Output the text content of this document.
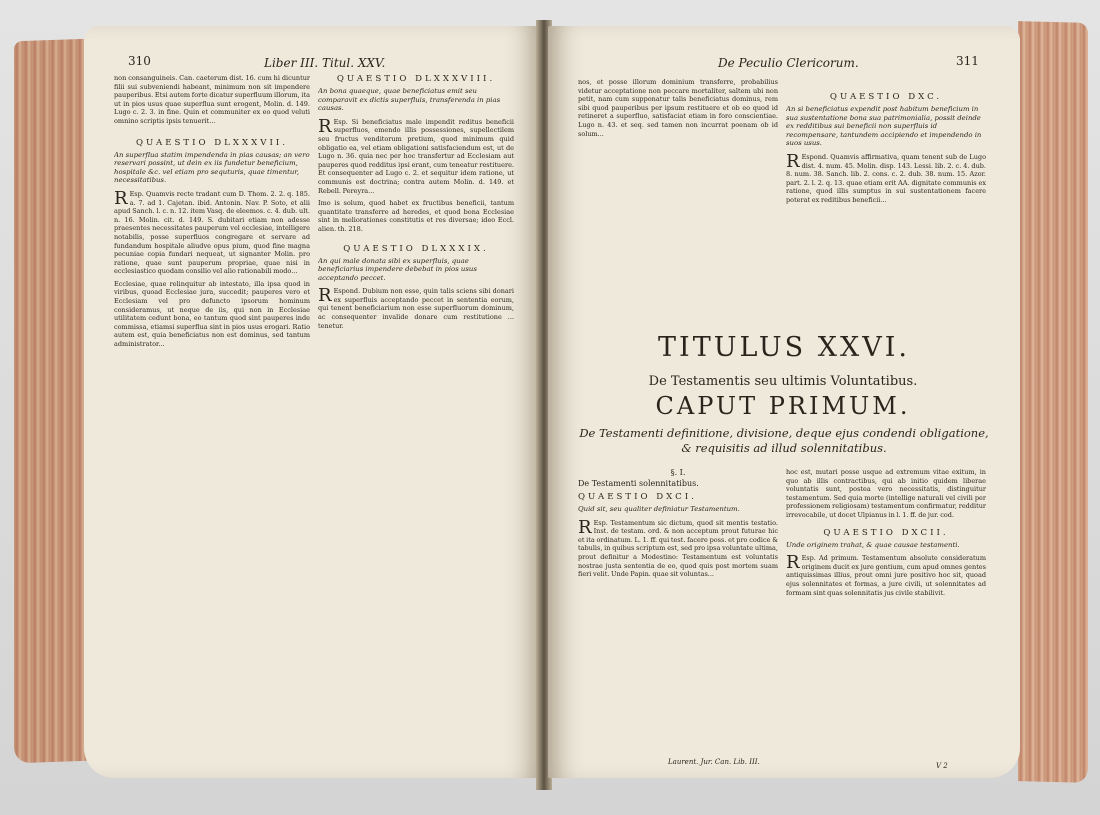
310	Liber III. Titul. XXV.

non consanguineis. Can. caeterum dist. 16. cum hi dicuntur filii sui subveniendi habeant, minimum non sit impendere pauperibus. Etsi autem forte dicatur superfluum illorum, ita ut in pios usus quae superflua sunt erogent, Molin. d. 149. Lugo c. 2. 3. in fine. Quin et communiter ex eo quod veluti omnino scriptis ipsis tenuerit...

QUAESTIO DLXXXVII.

An superflua statim impendenda in pias causas; an vero reservari possint, ut dein ex iis fundetur beneficium, hospitale &c. vel etiam pro sequturis, quae timentur, necessitatibus.

R Esp. Quamvis recte tradant cum D. Thom. 2. 2. q. 185. a. 7. ad 1. Cajetan. ibid. Antonin. Nav. P. Soto, et alii apud Sanch. l. c. n. 12. item Vasq. de eleemos. c. 4. dub. ult. n. 16. Molin. cit. d. 149. S. dubitari etiam non adesse praesentes necessitates pauperum vel ecclesiae, intelligere notabilis, posse superfluos congregare et servare ad fundandum hospitale aliudve opus pium, quod fine magna pecuniae copia fundari nequeat, ut signanter Molin. pro ratione, quae sunt pauperum propriae, quae nisi in ecclesiastico quodam consilio vel alio rationabili modo...

Ecclesiae, quae relinquitur ab intestato, illa ipsa quod in viribus, quoad Ecclesiae jura, succedit; pauperes vero et Ecclesiam vel pro defuncto ipsorum hominum consideramus, ut neque de iis, qui non in Ecclesiae utilitatem cedunt bona, eo tantum quod sint pauperes inde commissa, etiamsi superflua sint in pios usus erogari. Ratio autem est, quia beneficiatus non est dominus, sed tantum administrator...

QUAESTIO DLXXXVIII.

An bona quaeque, quae beneficiatus emit seu comparavit ex dictis superfluis, transferenda in pias causas.

R Esp. Si beneficiatus male impendit reditus beneficii superfluos, emendo illis possessiones, supellectilem seu fructus venditorum pretium, quod minimum quid obligatio ea, vel etiam obligationi satisfaciendum est, ut de Lugo n. 36. quia nec per hoc transfertur ad Ecclesiam aut pauperes quod redditus ipsi erant, cum teneatur restituere. Et consequenter ad Lugo c. 2. et sequitur idem ratione, ut communis est doctrina; contra autem Molin. d. 149. et Rebell. Pereyra...

Imo is solum, quod habet ex fructibus beneficii, tantum quantitate transferre ad heredes, et quod bona Ecclesiae sint in meliorationes constitutis et res diversae; ideo Eccl. alien. th. 218.

QUAESTIO DLXXXIX.

An qui male donata sibi ex superfluis, quae beneficiarius impendere debebat in pios usus acceptando peccet.

R Espond. Dubium non esse, quin talis sciens sibi donari ex superfluis acceptando peccet in sententia eorum, qui tenent beneficiarium non esse superfluorum dominum, ac consequenter invalide donare cum restitutione ... tenetur.

De Peculio Clericorum.	311

nos, et posse illorum dominium transferre, probabilius videtur acceptatione non peccare mortaliter, saltem ubi non petit, nam cum supponatur talis beneficiatus dominus, rem sibi quod pauperibus per ipsum restituere et ob eo quod id retineret a superfluo, satisfaciat etiam in foro conscientiae. Lugo n. 43. et seq. sed tamen non incurrat poenam ob id solum...

QUAESTIO DXC.

An si beneficiatus expendit post habitum beneficium in sua sustentatione bona sua patrimonialia, possit deinde ex redditibus sui beneficii non superfluis id recompensare, tantundem accipiendo et impendendo in suos usus.

R Espond. Quamvis affirmativa, quam tenent sub de Lugo dist. 4. num. 45. Molin. disp. 143. Lessi. lib. 2. c. 4. dub. 8. num. 38. Sanch. lib. 2. cons. c. 2. dub. 38. num. 15. Azor. part. 2. l. 2. q. 13. quae etiam erit AA. dignitate communis ex ratione, quod illis sumptus in sui sustentationem facere poterat ex reditibus beneficii...

TITULUS XXVI.
De Testamentis seu ultimis Voluntatibus.
CAPUT PRIMUM.
De Testamenti definitione, divisione, deque ejus condendi obligatione, & requisitis ad illud solennitatibus.

§. I.

De Testamenti solennitatibus.

QUAESTIO DXCI.

Quid sit, seu qualiter definiatur Testamentum.

R Esp. Testamentum sic dictum, quod sit mentis testatio. Inst. de testam. ord. & non acceptum prout futurae hic et ita ordinatum. L. 1. ff. qui test. facere poss. et pro codice & tabulis, in quibus scriptum est, sed pro ipsa voluntate ultima, prout definitur a Modestino: Testamentum est voluntatis nostrae justa sententia de eo, quod quis post mortem suam fieri velit. Unde Papin. quae sit voluntas...

hoc est, mutari posse usque ad extremum vitae exitum, in quo ab illis contractibus, qui ab initio quidem liberae voluntatis sunt, postea vero necessitatis, distinguitur testamentum. Sed quia morte (intellige naturali vel civili per professionem religiosam) testamentum confirmatur, redditur irrevocabile, ut docet Ulpianus in l. 1. ff. de jur. cod.

QUAESTIO DXCII.

Unde originem trahat, & quae causae testamenti.

R Esp. Ad primum. Testamentum absolute consideratum originem ducit ex jure gentium, cum apud omnes gentes antiquissimas illius, prout omni jure positivo hoc sit, quoad ejus solennitates et formas, a jure civili, ut solennitates ad formam sint quas solennitatis jus civile stabilivit.

Laurent. Jur. Can. Lib. III.	V 2
